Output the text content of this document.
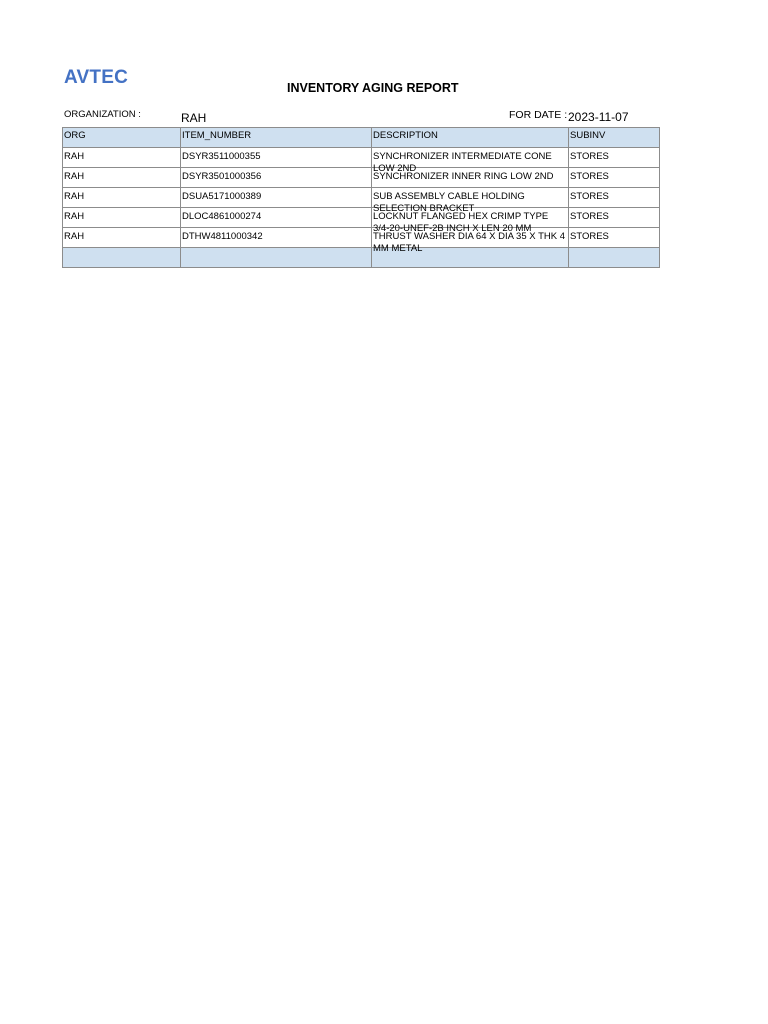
AVTEC	INVENTORY AGING REPORT
ORGANIZATION :	RAH	FOR DATE : 2023-11-07
ORG	ITEM_NUMBER	DESCRIPTION	SUBINV
RAH	DSYR3511000355	SYNCHRONIZER INTERMEDIATE CONE LOW 2ND	STORES
RAH	DSYR3501000356	SYNCHRONIZER INNER RING LOW 2ND	STORES
RAH	DSUA5171000389	SUB ASSEMBLY CABLE HOLDING SELECTION BRACKET	STORES
RAH	DLOC4861000274	LOCKNUT FLANGED HEX CRIMP TYPE 3/4-20-UNEF-2B INCH X LEN 20 MM	STORES
RAH	DTHW4811000342	THRUST WASHER DIA 64 X DIA 35 X THK 4 MM METAL	STORES
